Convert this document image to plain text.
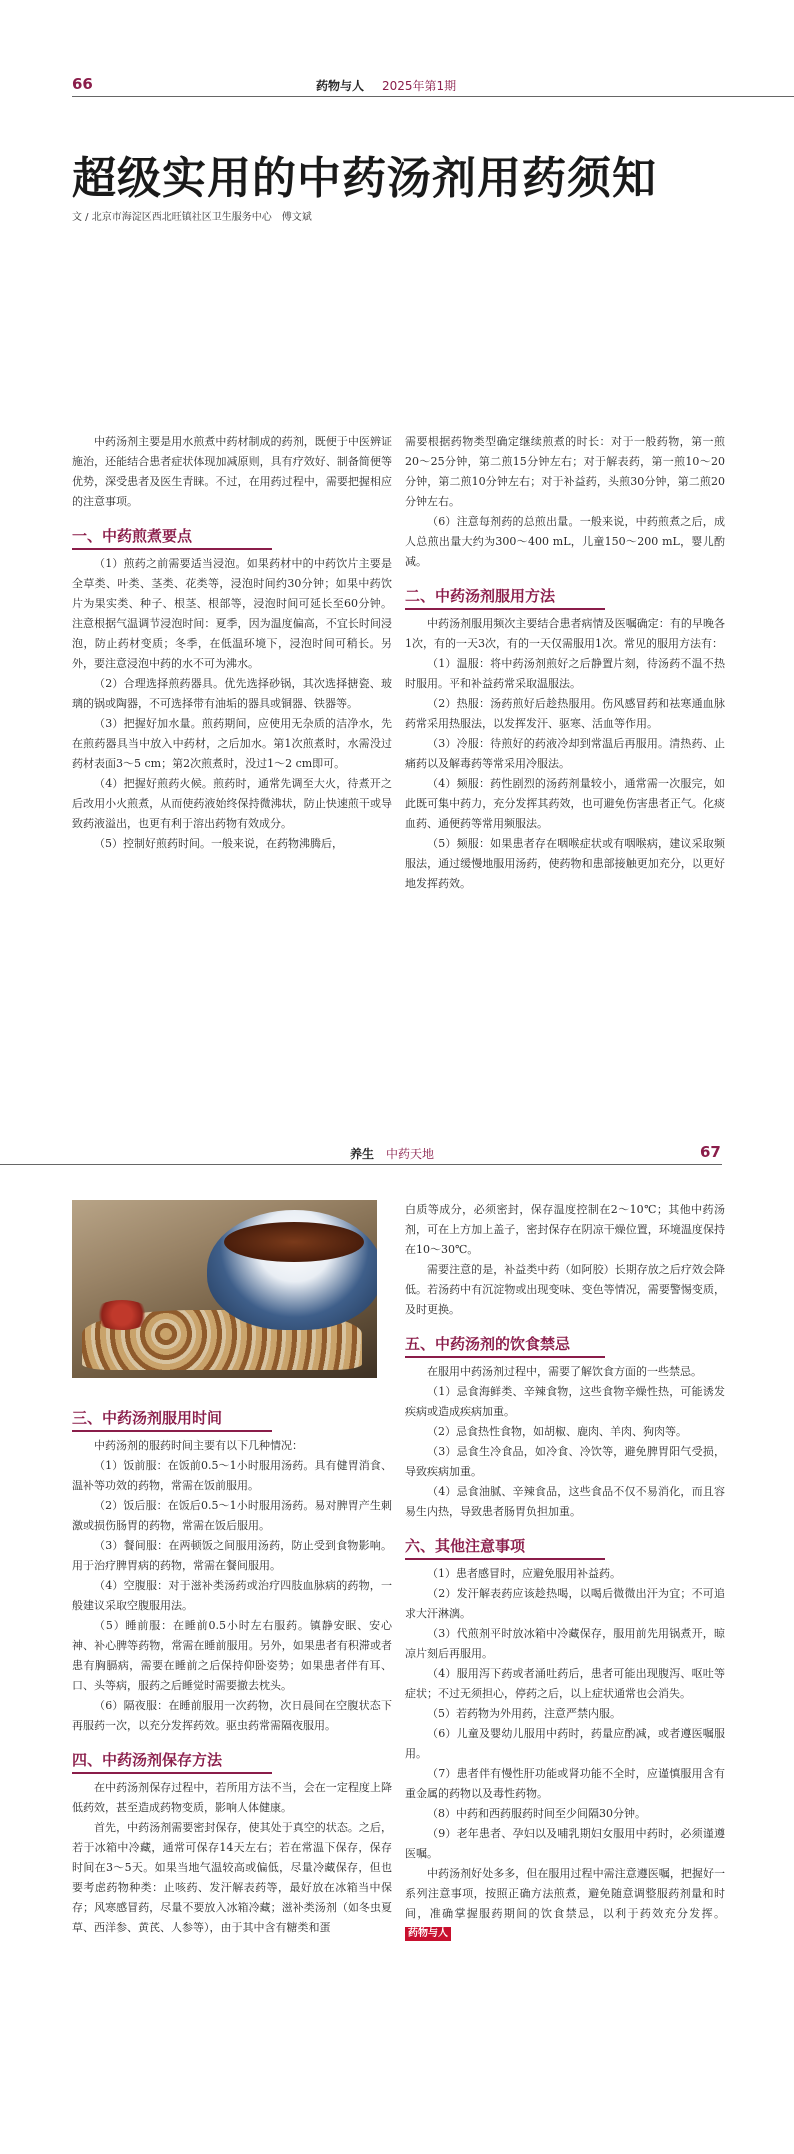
66	药物与人 2025年第1期
超级实用的中药汤剂用药须知
文 / 北京市海淀区西北旺镇社区卫生服务中心　傅文斌

中药汤剂主要是用水煎煮中药材制成的药剂，既便于中医辨证施治，还能结合患者症状体现加减原则，具有疗效好、制备简便等优势，深受患者及医生青睐。不过，在用药过程中，需要把握相应的注意事项。

一、中药煎煮要点

（1）煎药之前需要适当浸泡。如果药材中的中药饮片主要是全草类、叶类、茎类、花类等，浸泡时间约30分钟；如果中药饮片为果实类、种子、根茎、根部等，浸泡时间可延长至60分钟。注意根据气温调节浸泡时间：夏季，因为温度偏高，不宜长时间浸泡，防止药材变质；冬季，在低温环境下，浸泡时间可稍长。另外，要注意浸泡中药的水不可为沸水。

（2）合理选择煎药器具。优先选择砂锅，其次选择搪瓷、玻璃的锅或陶器，不可选择带有油垢的器具或铜器、铁器等。

（3）把握好加水量。煎药期间，应使用无杂质的洁净水，先在煎药器具当中放入中药材，之后加水。第1次煎煮时，水需没过药材表面3～5 cm；第2次煎煮时，没过1～2 cm即可。

（4）把握好煎药火候。煎药时，通常先调至大火，待煮开之后改用小火煎煮，从而使药液始终保持微沸状，防止快速煎干或导致药液溢出，也更有利于溶出药物有效成分。

（5）控制好煎药时间。一般来说，在药物沸腾后，

需要根据药物类型确定继续煎煮的时长：对于一般药物，第一煎20～25分钟，第二煎15分钟左右；对于解表药，第一煎10～20分钟，第二煎10分钟左右；对于补益药，头煎30分钟，第二煎20分钟左右。

（6）注意每剂药的总煎出量。一般来说，中药煎煮之后，成人总煎出量大约为300～400 mL，儿童150～200 mL，婴儿酌减。

二、中药汤剂服用方法

中药汤剂服用频次主要结合患者病情及医嘱确定：有的早晚各1次，有的一天3次，有的一天仅需服用1次。常见的服用方法有：

（1）温服：将中药汤剂煎好之后静置片刻，待汤药不温不热时服用。平和补益药常采取温服法。

（2）热服：汤药煎好后趁热服用。伤风感冒药和祛寒通血脉药常采用热服法，以发挥发汗、驱寒、活血等作用。

（3）冷服：待煎好的药液冷却到常温后再服用。清热药、止痛药以及解毒药等常采用冷服法。

（4）频服：药性剧烈的汤药剂量较小，通常需一次服完，如此既可集中药力，充分发挥其药效，也可避免伤害患者正气。化痰血药、通便药等常用频服法。

（5）频服：如果患者存在咽喉症状或有咽喉病，建议采取频服法，通过缓慢地服用汤药，使药物和患部接触更加充分，以更好地发挥药效。

养生 中药天地	67
三、中药汤剂服用时间

中药汤剂的服药时间主要有以下几种情况：

（1）饭前服：在饭前0.5～1小时服用汤药。具有健胃消食、温补等功效的药物，常需在饭前服用。

（2）饭后服：在饭后0.5～1小时服用汤药。易对脾胃产生刺激或损伤肠胃的药物，常需在饭后服用。

（3）餐间服：在两顿饭之间服用汤药，防止受到食物影响。用于治疗脾胃病的药物，常需在餐间服用。

（4）空腹服：对于滋补类汤药或治疗四肢血脉病的药物，一般建议采取空腹服用法。

（5）睡前服：在睡前0.5小时左右服药。镇静安眠、安心神、补心脾等药物，常需在睡前服用。另外，如果患者有积滞或者患有胸膈病，需要在睡前之后保持仰卧姿势；如果患者伴有耳、口、头等病，服药之后睡觉时需要撤去枕头。

（6）隔夜服：在睡前服用一次药物，次日晨间在空腹状态下再服药一次，以充分发挥药效。驱虫药常需隔夜服用。

四、中药汤剂保存方法

在中药汤剂保存过程中，若所用方法不当，会在一定程度上降低药效，甚至造成药物变质，影响人体健康。

首先，中药汤剂需要密封保存，使其处于真空的状态。之后，若于冰箱中冷藏，通常可保存14天左右；若在常温下保存，保存时间在3～5天。如果当地气温较高或偏低，尽量冷藏保存，但也要考虑药物种类：止咳药、发汗解表药等，最好放在冰箱当中保存；风寒感冒药，尽量不要放入冰箱冷藏；滋补类汤剂（如冬虫夏草、西洋参、黄芪、人参等），由于其中含有糖类和蛋

白质等成分，必须密封，保存温度控制在2～10℃；其他中药汤剂，可在上方加上盖子，密封保存在阴凉干燥位置，环境温度保持在10～30℃。

需要注意的是，补益类中药（如阿胶）长期存放之后疗效会降低。若汤药中有沉淀物或出现变味、变色等情况，需要警惕变质，及时更换。

五、中药汤剂的饮食禁忌

在服用中药汤剂过程中，需要了解饮食方面的一些禁忌。

（1）忌食海鲜类、辛辣食物，这些食物辛燥性热，可能诱发疾病或造成疾病加重。

（2）忌食热性食物，如胡椒、鹿肉、羊肉、狗肉等。

（3）忌食生冷食品，如冷食、冷饮等，避免脾胃阳气受损，导致疾病加重。

（4）忌食油腻、辛辣食品，这些食品不仅不易消化，而且容易生内热，导致患者肠胃负担加重。

六、其他注意事项

（1）患者感冒时，应避免服用补益药。

（2）发汗解表药应该趁热喝，以喝后微微出汗为宜；不可追求大汗淋漓。

（3）代煎剂平时放冰箱中冷藏保存，服用前先用锅煮开，晾凉片刻后再服用。

（4）服用泻下药或者涌吐药后，患者可能出现腹泻、呕吐等症状；不过无须担心，停药之后，以上症状通常也会消失。

（5）若药物为外用药，注意严禁内服。

（6）儿童及婴幼儿服用中药时，药量应酌减，或者遵医嘱服用。

（7）患者伴有慢性肝功能或肾功能不全时，应谨慎服用含有重金属的药物以及毒性药物。

（8）中药和西药服药时间至少间隔30分钟。

（9）老年患者、孕妇以及哺乳期妇女服用中药时，必须谨遵医嘱。

中药汤剂好处多多，但在服用过程中需注意遵医嘱，把握好一系列注意事项，按照正确方法煎煮，避免随意调整服药剂量和时间，准确掌握服药期间的饮食禁忌，以利于药效充分发挥。 药物与人
